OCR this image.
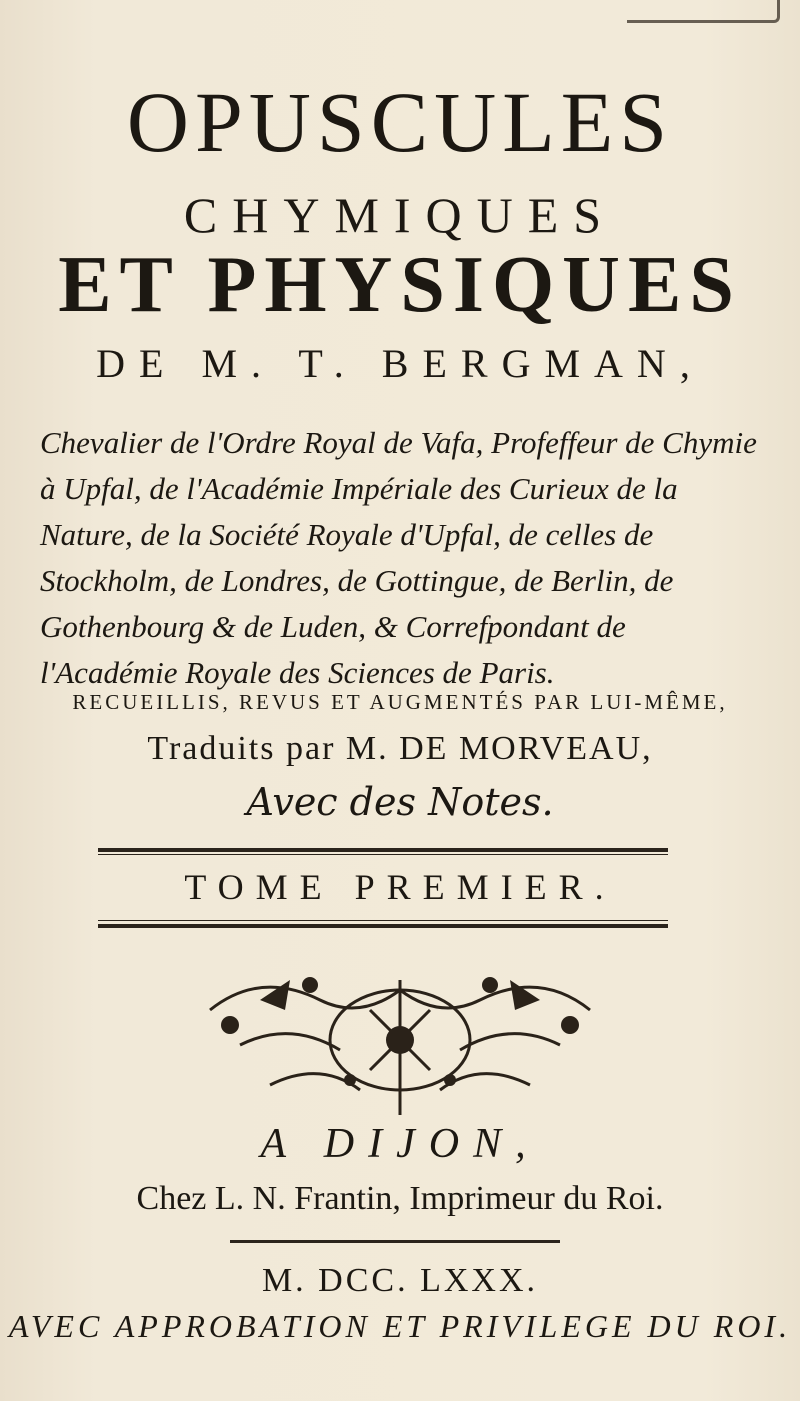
OPUSCULES
CHYMIQUES
ET PHYSIQUES
DE M. T. BERGMAN,
Chevalier de l'Ordre Royal de Vafa, Profeffeur de Chymie à Upfal, de l'Académie Impériale des Curieux de la Nature, de la Société Royale d'Upfal, de celles de Stockholm, de Londres, de Gottingue, de Berlin, de Gothenbourg & de Luden, & Correfpondant de l'Académie Royale des Sciences de Paris.
RECUEILLIS, REVUS ET AUGMENTÉS PAR LUI-MÊME,
Traduits par M. DE MORVEAU,
Avec des Notes.
TOME PREMIER.
A DIJON,
Chez L. N. Frantin, Imprimeur du Roi.
M. DCC. LXXX.
AVEC APPROBATION ET PRIVILEGE DU ROI.
